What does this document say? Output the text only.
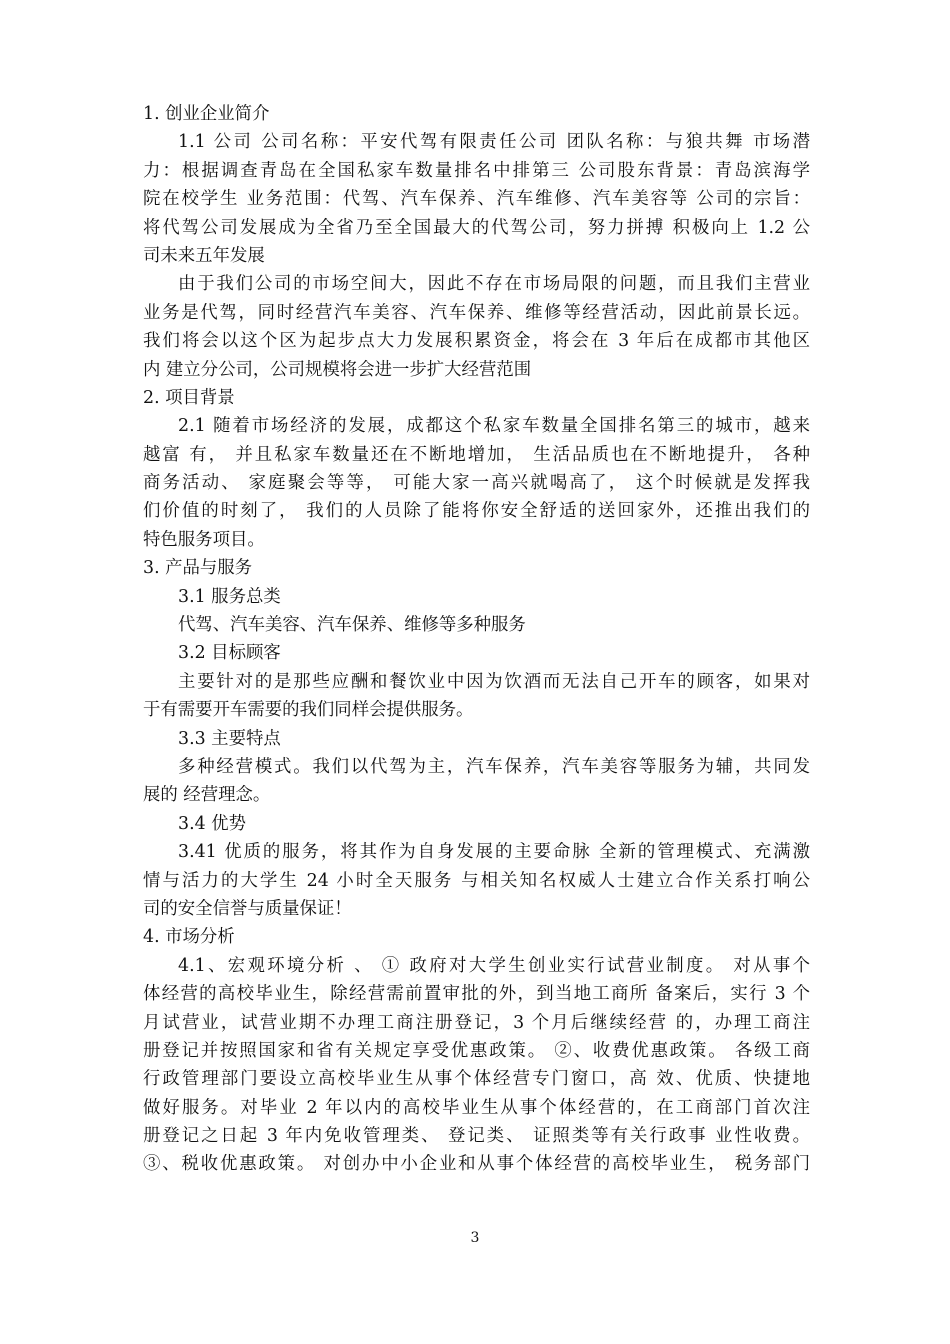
1. 创业企业简介
1.1 公司 公司名称：平安代驾有限责任公司 团队名称：与狼共舞 市场潜
力：根据调查青岛在全国私家车数量排名中排第三 公司股东背景：青岛滨海学
院在校学生 业务范围：代驾、汽车保养、汽车维修、汽车美容等 公司的宗旨：
将代驾公司发展成为全省乃至全国最大的代驾公司，努力拼搏 积极向上 1.2 公
司未来五年发展
由于我们公司的市场空间大，因此不存在市场局限的问题，而且我们主营业
业务是代驾，同时经营汽车美容、汽车保养、维修等经营活动，因此前景长远。
我们将会以这个区为起步点大力发展积累资金，将会在 3 年后在成都市其他区
内 建立分公司，公司规模将会进一步扩大经营范围
2. 项目背景
2.1 随着市场经济的发展，成都这个私家车数量全国排名第三的城市，越来
越富 有， 并且私家车数量还在不断地增加， 生活品质也在不断地提升， 各种
商务活动、 家庭聚会等等， 可能大家一高兴就喝高了， 这个时候就是发挥我
们价值的时刻了， 我们的人员除了能将你安全舒适的送回家外，还推出我们的
特色服务项目。
3. 产品与服务
3.1 服务总类
代驾、汽车美容、汽车保养、维修等多种服务
3.2 目标顾客
主要针对的是那些应酬和餐饮业中因为饮酒而无法自己开车的顾客，如果对
于有需要开车需要的我们同样会提供服务。
3.3 主要特点
多种经营模式。我们以代驾为主，汽车保养，汽车美容等服务为辅，共同发
展的 经营理念。
3.4 优势
3.41 优质的服务，将其作为自身发展的主要命脉 全新的管理模式、充满激
情与活力的大学生 24 小时全天服务 与相关知名权威人士建立合作关系打响公
司的安全信誉与质量保证！
4. 市场分析
4.1、宏观环境分析 、 ① 政府对大学生创业实行试营业制度。 对从事个
体经营的高校毕业生，除经营需前置审批的外，到当地工商所 备案后，实行 3 个
月试营业，试营业期不办理工商注册登记，3 个月后继续经营 的，办理工商注
册登记并按照国家和省有关规定享受优惠政策。 ②、收费优惠政策。 各级工商
行政管理部门要设立高校毕业生从事个体经营专门窗口，高 效、优质、快捷地
做好服务。对毕业 2 年以内的高校毕业生从事个体经营的，在工商部门首次注
册登记之日起 3 年内免收管理类、 登记类、 证照类等有关行政事 业性收费。
③、税收优惠政策。 对创办中小企业和从事个体经营的高校毕业生， 税务部门
3
